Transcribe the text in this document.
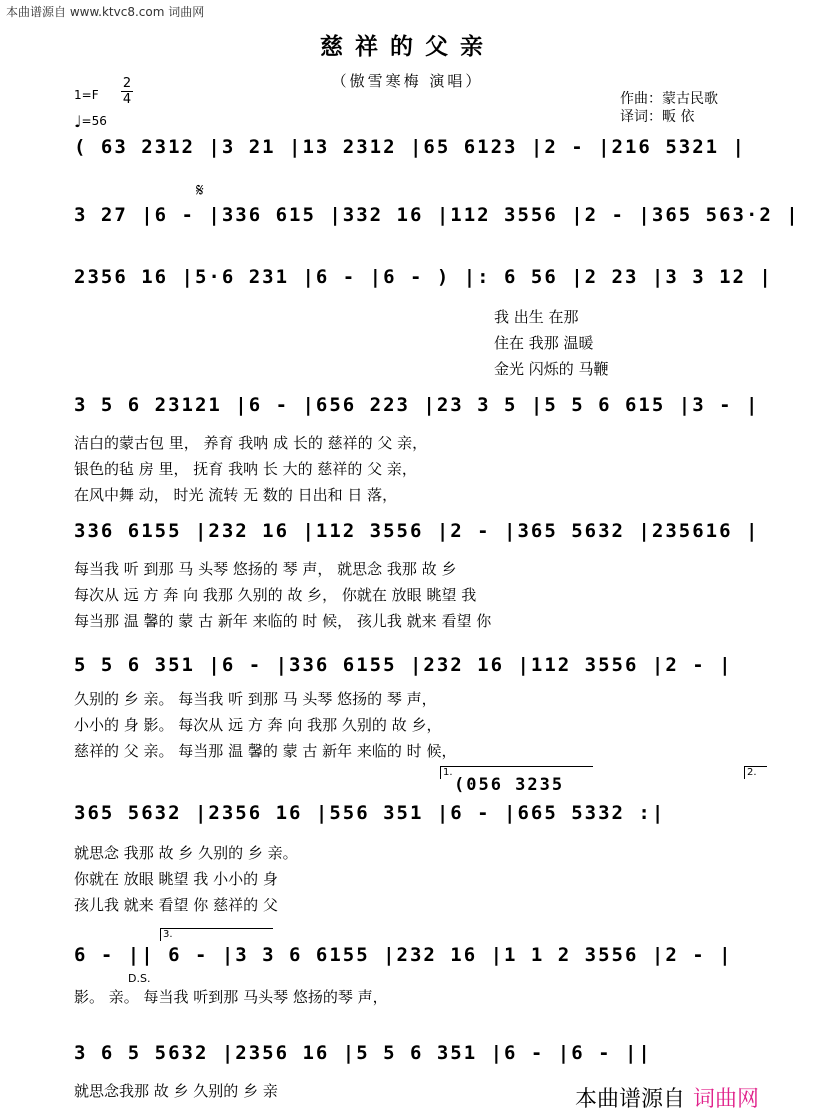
本曲谱源自 www.ktvc8.com 词曲网
慈祥的父亲
（傲雪寒梅 演唱）
1=F
2
4
♩=56
作曲：蒙古民歌
译词：畈 依
( 63 2312 |3 21 |13 2312 |65 6123 |2 - |216 5321 |
𝄋
3 27 |6 - |336 615 |332 16 |112 3556 |2 - |365 563·2 |
2356 16 |5·6 231 |6 - |6 - ) |: 6 56 |2 23 |3 3 12 |
我 出生 在那
住在 我那 温暖
金光 闪烁的 马鞭
3 5 6 23121 |6 - |656 223 |23 3 5 |5 5 6 615 |3 - |
洁白的蒙古包 里， 养育 我呐 成 长的 慈祥的 父 亲，
银色的毡 房 里， 抚育 我呐 长 大的 慈祥的 父 亲，
在风中舞 动， 时光 流转 无 数的 日出和 日 落，
336 6155 |232 16 |112 3556 |2 - |365 5632 |235616 |
每当我 听 到那 马 头琴 悠扬的 琴 声， 就思念 我那 故 乡
每次从 远 方 奔 向 我那 久别的 故 乡， 你就在 放眼 眺望 我
每当那 温 馨的 蒙 古 新年 来临的 时 候， 孩儿我 就来 看望 你
5 5 6 351 |6 - |336 6155 |232 16 |112 3556 |2 - |
久别的 乡 亲。 每当我 听 到那 马 头琴 悠扬的 琴 声，
小小的 身 影。 每次从 远 方 奔 向 我那 久别的 故 乡，
慈祥的 父 亲。 每当那 温 馨的 蒙 古 新年 来临的 时 候，
1.	2.
(056 3235
365 5632 |2356 16 |556 351 |6 - |665 5332 :|
就思念 我那 故 乡 久别的 乡 亲。
你就在 放眼 眺望 我 小小的 身
孩儿我 就来 看望 你 慈祥的 父
3.
6 - || 6 - |3 3 6 6155 |232 16 |1 1 2 3556 |2 - |
D.S.
影。 亲。 每当我 听到那 马头琴 悠扬的琴 声，
3 6 5 5632 |2356 16 |5 5 6 351 |6 - |6 - ||
就思念我那 故 乡 久别的 乡 亲	本曲谱源自 词曲网
